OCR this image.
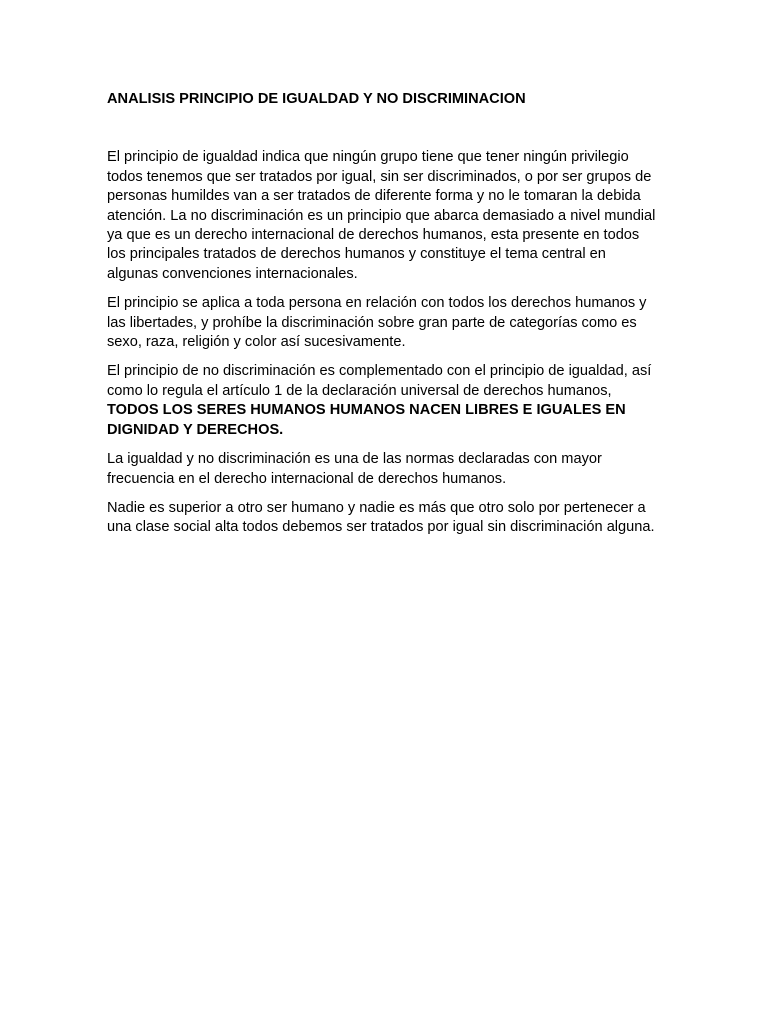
ANALISIS PRINCIPIO DE IGUALDAD Y NO DISCRIMINACION

El principio de igualdad indica que ningún grupo tiene que tener ningún privilegio todos tenemos que ser tratados por igual, sin ser discriminados, o por ser grupos de personas humildes van a ser tratados de diferente forma y no le tomaran la debida atención. La no discriminación es un principio que abarca demasiado a nivel mundial ya que es un derecho internacional de derechos humanos, esta presente en todos los principales tratados de derechos humanos y constituye el tema central en algunas convenciones internacionales.

El principio se aplica a toda persona en relación con todos los derechos humanos y las libertades, y prohíbe la discriminación sobre gran parte de categorías como es sexo, raza, religión y color así sucesivamente.

El principio de no discriminación es complementado con el principio de igualdad, así como lo regula el artículo 1 de la declaración universal de derechos humanos, TODOS LOS SERES HUMANOS HUMANOS NACEN LIBRES E IGUALES EN DIGNIDAD Y DERECHOS.

La igualdad y no discriminación es una de las normas declaradas con mayor frecuencia en el derecho internacional de derechos humanos.

Nadie es superior a otro ser humano y nadie es más que otro solo por pertenecer a una clase social alta todos debemos ser tratados por igual sin discriminación alguna.
